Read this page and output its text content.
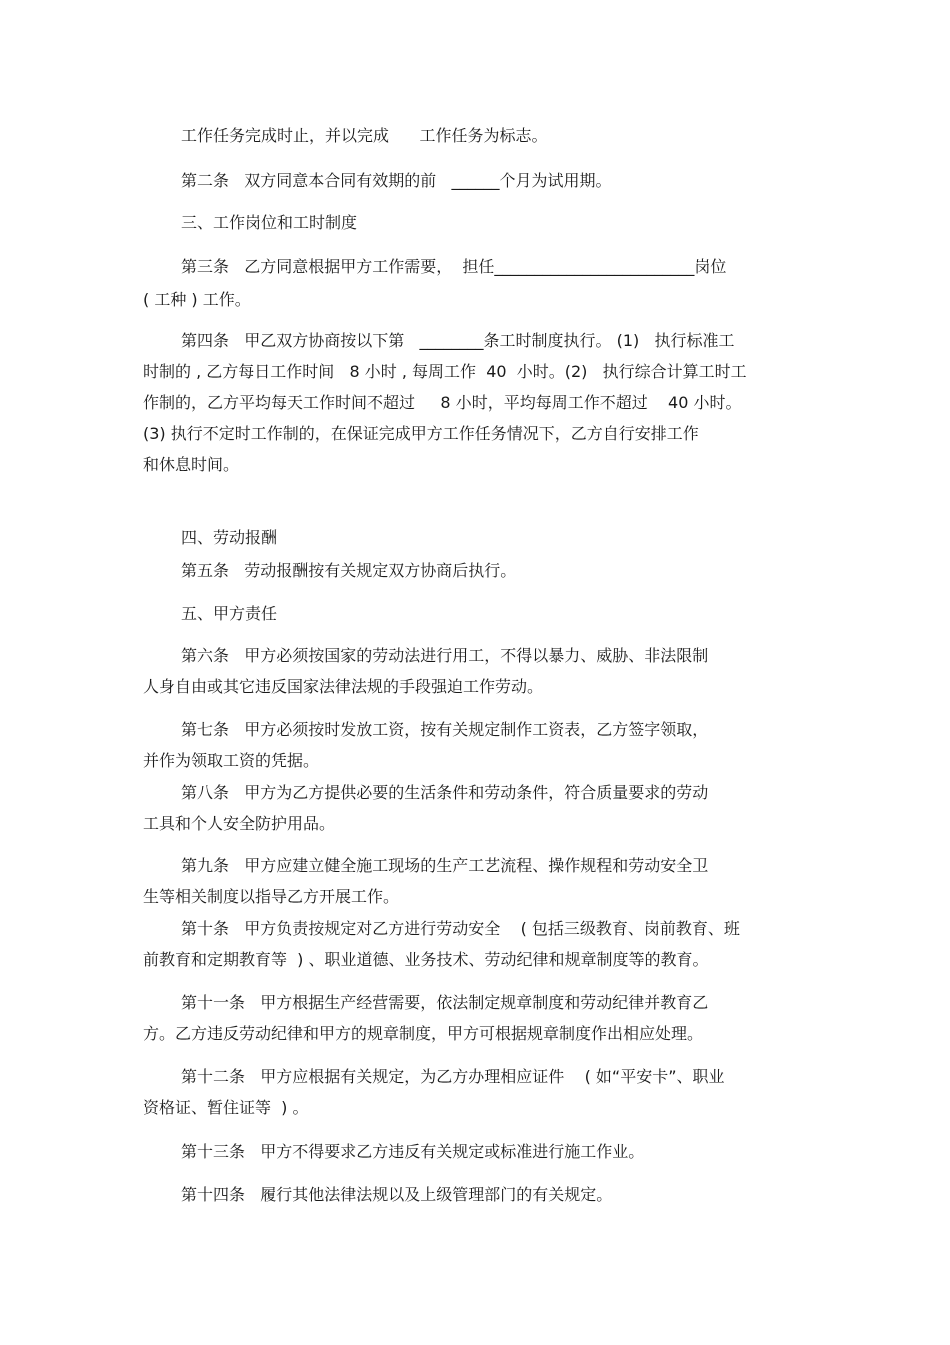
工作任务完成时止，并以完成      工作任务为标志。
第二条   双方同意本合同有效期的前   ______个月为试用期。
三、工作岗位和工时制度
第三条   乙方同意根据甲方工作需要，  担任_________________________岗位
( 工种 ) 工作。
第四条   甲乙双方协商按以下第   ________条工时制度执行。 (1)   执行标准工
时制的 , 乙方每日工作时间   8 小时 , 每周工作  40  小时。(2)   执行综合计算工时工
作制的，乙方平均每天工作时间不超过     8 小时，平均每周工作不超过    40 小时。
(3) 执行不定时工作制的，在保证完成甲方工作任务情况下，乙方自行安排工作
和休息时间。
四、劳动报酬
第五条   劳动报酬按有关规定双方协商后执行。
五、甲方责任
第六条   甲方必须按国家的劳动法进行用工，不得以暴力、威胁、非法限制
人身自由或其它违反国家法律法规的手段强迫工作劳动。
第七条   甲方必须按时发放工资，按有关规定制作工资表，乙方签字领取，
并作为领取工资的凭据。
第八条   甲方为乙方提供必要的生活条件和劳动条件，符合质量要求的劳动
工具和个人安全防护用品。
第九条   甲方应建立健全施工现场的生产工艺流程、操作规程和劳动安全卫
生等相关制度以指导乙方开展工作。
第十条   甲方负责按规定对乙方进行劳动安全    ( 包括三级教育、岗前教育、班
前教育和定期教育等  ) 、职业道德、业务技术、劳动纪律和规章制度等的教育。
第十一条   甲方根据生产经营需要，依法制定规章制度和劳动纪律并教育乙
方。乙方违反劳动纪律和甲方的规章制度，甲方可根据规章制度作出相应处理。
第十二条   甲方应根据有关规定，为乙方办理相应证件    ( 如“平安卡”、职业
资格证、暂住证等  ) 。
第十三条   甲方不得要求乙方违反有关规定或标准进行施工作业。
第十四条   履行其他法律法规以及上级管理部门的有关规定。
